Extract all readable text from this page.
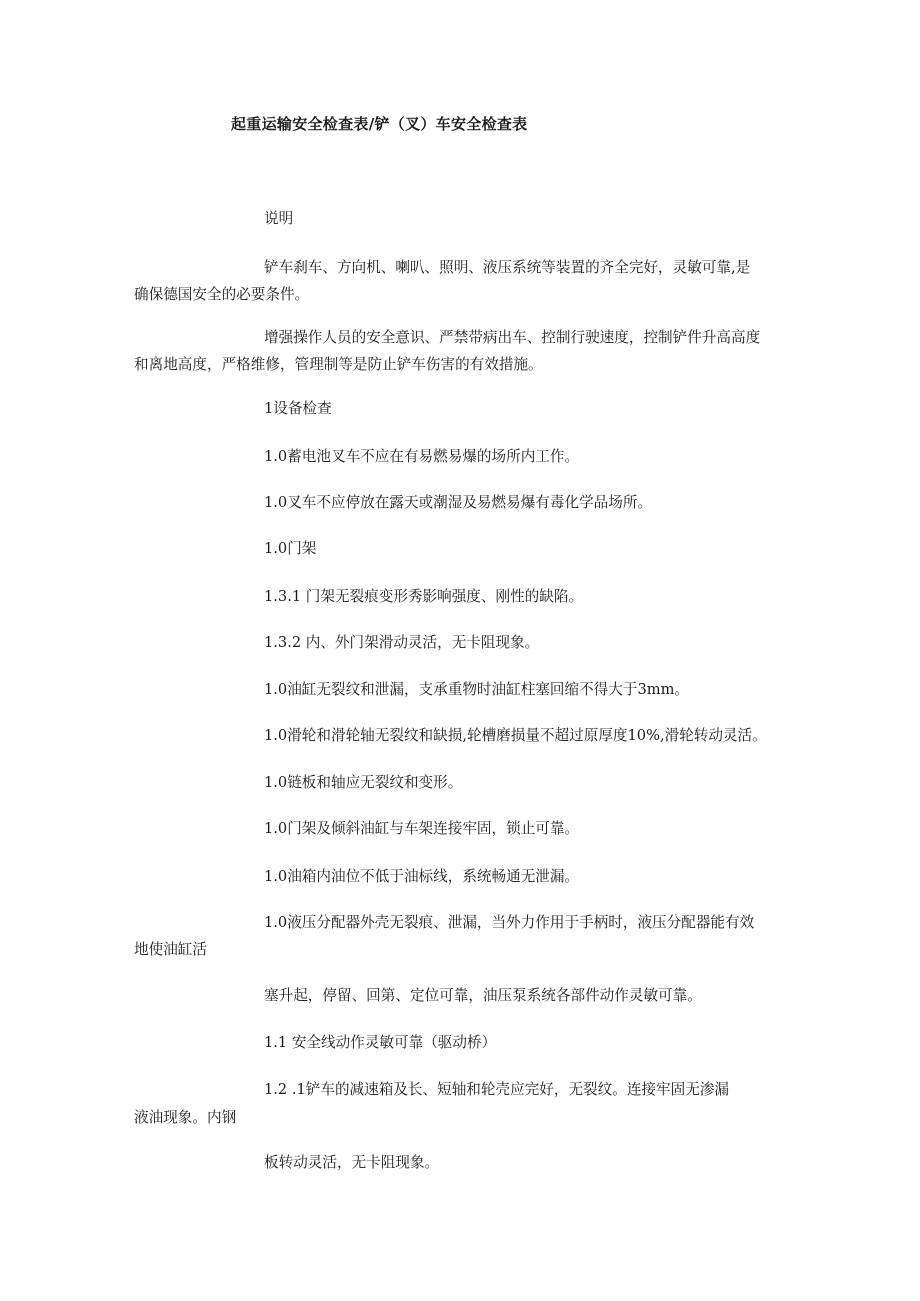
起重运输安全检查表/铲（叉）车安全检查表
说明
铲车刹车、方向机、喇叭、照明、液压系统等装置的齐全完好，灵敏可靠,是
确保德国安全的必要条件。
增强操作人员的安全意识、严禁带病出车、控制行驶速度，控制铲件升高高度
和离地高度，严格维修，管理制等是防止铲车伤害的有效措施。
1设备检查
1.0蓄电池叉车不应在有易燃易爆的场所内工作。
1.0叉车不应停放在露天或潮湿及易燃易爆有毒化学品场所。
1.0门架
1.3.1 门架无裂痕变形秀影响强度、刚性的缺陷。
1.3.2 内、外门架滑动灵活，无卡阻现象。
1.0油缸无裂纹和泄漏，支承重物时油缸柱塞回缩不得大于3mm。
1.0滑轮和滑轮轴无裂纹和缺损,轮槽磨损量不超过原厚度10%,滑轮转动灵活。
1.0链板和轴应无裂纹和变形。
1.0门架及倾斜油缸与车架连接牢固，锁止可靠。
1.0油箱内油位不低于油标线，系统畅通无泄漏。
1.0液压分配器外壳无裂痕、泄漏，当外力作用于手柄时，液压分配器能有效
地使油缸活
塞升起，停留、回第、定位可靠，油压泵系统各部件动作灵敏可靠。
1.1 安全线动作灵敏可靠（驱动桥）
1.2 .1铲车的减速箱及长、短轴和轮壳应完好，无裂纹。连接牢固无渗漏
液油现象。内钢
板转动灵活，无卡阻现象。
